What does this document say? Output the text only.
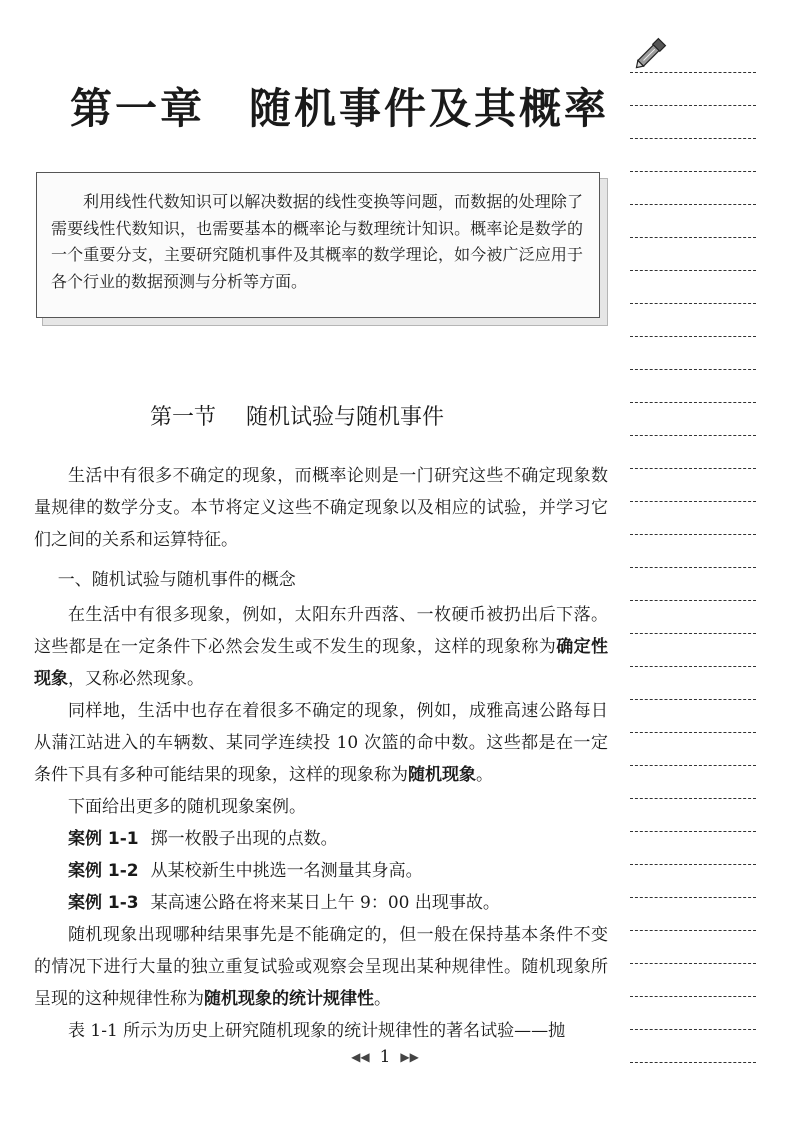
第一章 随机事件及其概率

利用线性代数知识可以解决数据的线性变换等问题，而数据的处理除了需要线性代数知识，也需要基本的概率论与数理统计知识。概率论是数学的一个重要分支，主要研究随机事件及其概率的数学理论，如今被广泛应用于各个行业的数据预测与分析等方面。

第一节 随机试验与随机事件

生活中有很多不确定的现象，而概率论则是一门研究这些不确定现象数量规律的数学分支。本节将定义这些不确定现象以及相应的试验，并学习它们之间的关系和运算特征。

一、随机试验与随机事件的概念

在生活中有很多现象，例如，太阳东升西落、一枚硬币被扔出后下落。这些都是在一定条件下必然会发生或不发生的现象，这样的现象称为确定性现象，又称必然现象。

同样地，生活中也存在着很多不确定的现象，例如，成雅高速公路每日从蒲江站进入的车辆数、某同学连续投 10 次篮的命中数。这些都是在一定条件下具有多种可能结果的现象，这样的现象称为随机现象。

下面给出更多的随机现象案例。

案例 1-1 掷一枚骰子出现的点数。

案例 1-2 从某校新生中挑选一名测量其身高。

案例 1-3 某高速公路在将来某日上午 9：00 出现事故。

随机现象出现哪种结果事先是不能确定的，但一般在保持基本条件不变的情况下进行大量的独立重复试验或观察会呈现出某种规律性。随机现象所呈现的这种规律性称为随机现象的统计规律性。

表 1-1 所示为历史上研究随机现象的统计规律性的著名试验——抛

◀◀ 1 ▶▶
